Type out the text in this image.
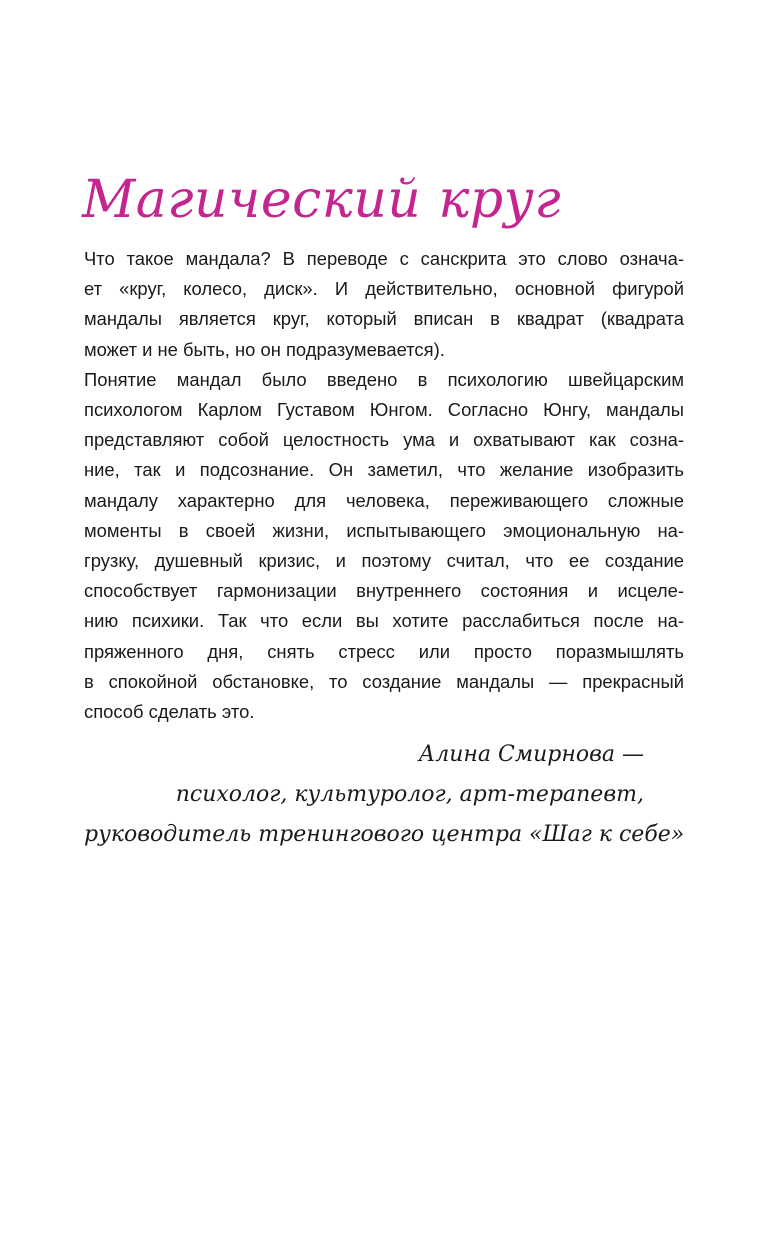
Магический круг
Что такое мандала? В переводе с санскрита это слово означа-
ет «круг, колесо, диск». И действительно, основной фигурой
мандалы является круг, который вписан в квадрат (квадрата
может и не быть, но он подразумевается).
Понятие мандал было введено в психологию швейцарским
психологом Карлом Густавом Юнгом. Согласно Юнгу, мандалы
представляют собой целостность ума и охватывают как созна-
ние, так и подсознание. Он заметил, что желание изобразить
мандалу характерно для человека, переживающего сложные
моменты в своей жизни, испытывающего эмоциональную на-
грузку, душевный кризис, и поэтому считал, что ее создание
способствует гармонизации внутреннего состояния и исцеле-
нию психики. Так что если вы хотите расслабиться после на-
пряженного дня, снять стресс или просто поразмышлять
в спокойной обстановке, то создание мандалы — прекрасный
способ сделать это.
Алина Смирнова —
психолог, культуролог, арт-терапевт,
руководитель тренингового центра «Шаг к себе»
